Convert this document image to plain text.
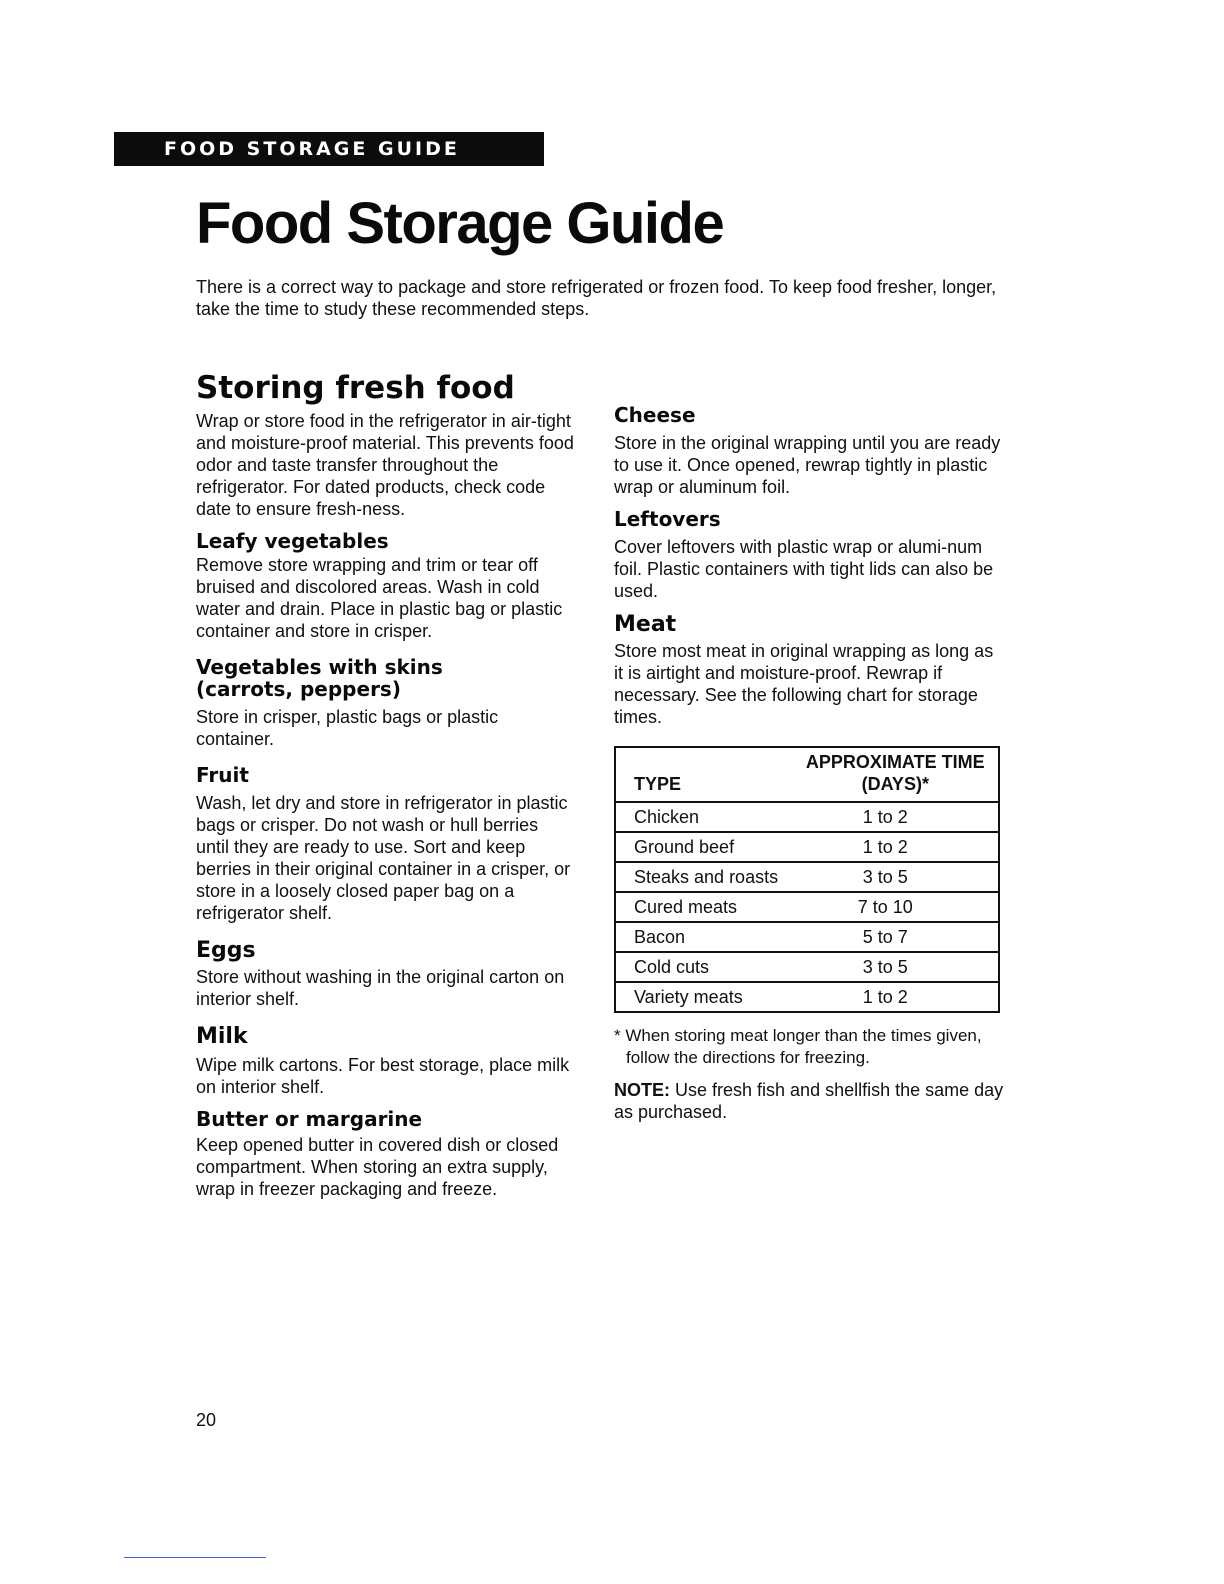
FOOD STORAGE GUIDE
Food Storage Guide

There is a correct way to package and store refrigerated or frozen food. To keep food fresher, longer, take the time to study these recommended steps.

Storing fresh food

Wrap or store food in the refrigerator in air-tight and moisture-proof material. This prevents food odor and taste transfer throughout the refrigerator. For dated products, check code date to ensure fresh-ness.

Leafy vegetables

Remove store wrapping and trim or tear off bruised and discolored areas. Wash in cold water and drain. Place in plastic bag or plastic container and store in crisper.

Vegetables with skins (carrots, peppers)

Store in crisper, plastic bags or plastic container.

Fruit

Wash, let dry and store in refrigerator in plastic bags or crisper. Do not wash or hull berries until they are ready to use. Sort and keep berries in their original container in a crisper, or store in a loosely closed paper bag on a refrigerator shelf.

Eggs

Store without washing in the original carton on interior shelf.

Milk

Wipe milk cartons. For best storage, place milk on interior shelf.

Butter or margarine

Keep opened butter in covered dish or closed compartment. When storing an extra supply, wrap in freezer packaging and freeze.

Cheese

Store in the original wrapping until you are ready to use it. Once opened, rewrap tightly in plastic wrap or aluminum foil.

Leftovers

Cover leftovers with plastic wrap or alumi-num foil. Plastic containers with tight lids can also be used.

Meat

Store most meat in original wrapping as long as it is airtight and moisture-proof. Rewrap if necessary. See the following chart for storage times.

TYPE	APPROXIMATE TIME
(DAYS)*

Chicken	1 to 2
Ground beef	1 to 2
Steaks and roasts	3 to 5
Cured meats	7 to 10
Bacon	5 to 7
Cold cuts	3 to 5
Variety meats	1 to 2

* When storing meat longer than the times given, follow the directions for freezing.

NOTE: Use fresh fish and shellfish the same day as purchased.

20
